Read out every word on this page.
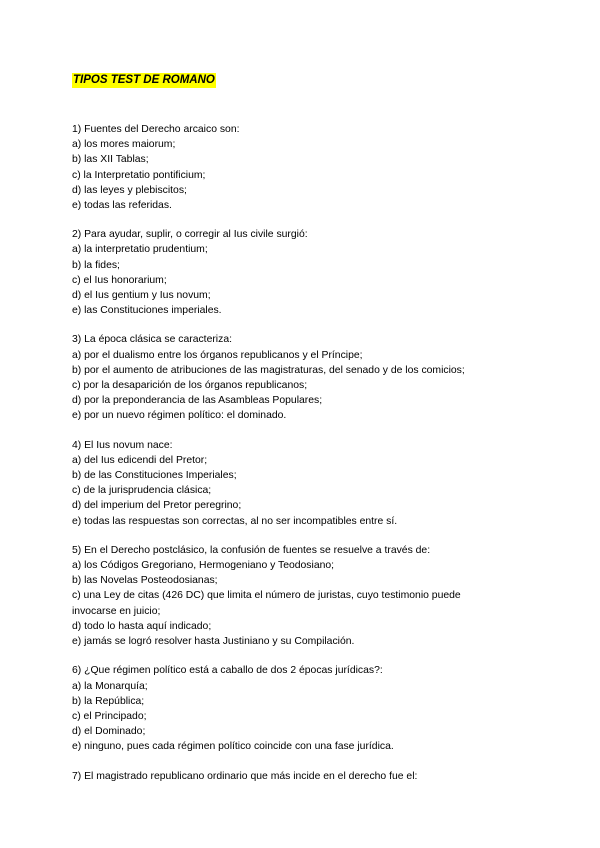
TIPOS TEST DE ROMANO
1) Fuentes del Derecho arcaico son:
a) los mores maiorum;
b) las XII Tablas;
c) la Interpretatio pontificium;
d) las leyes y plebiscitos;
e) todas las referidas.
2) Para ayudar, suplir, o corregir al Ius civile surgió:
a) la interpretatio prudentium;
b) la fides;
c) el Ius honorarium;
d) el Ius gentium y Ius novum;
e) las Constituciones imperiales.
3) La época clásica se caracteriza:
a) por el dualismo entre los órganos republicanos y el Príncipe;
b) por el aumento de atribuciones de las magistraturas, del senado y de los comicios;
c) por la desaparición de los órganos republicanos;
d) por la preponderancia de las Asambleas Populares;
e) por un nuevo régimen político: el dominado.
4) El Ius novum nace:
a) del Ius edicendi del Pretor;
b) de las Constituciones Imperiales;
c) de la jurisprudencia clásica;
d) del imperium del Pretor peregrino;
e) todas las respuestas son correctas, al no ser incompatibles entre sí.
5) En el Derecho postclásico, la confusión de fuentes se resuelve a través de:
a) los Códigos Gregoriano, Hermogeniano y Teodosiano;
b) las Novelas Posteodosianas;
c) una Ley de citas (426 DC) que limita el número de juristas, cuyo testimonio puede invocarse en juicio;
d) todo lo hasta aquí indicado;
e) jamás se logró resolver hasta Justiniano y su Compilación.
6) ¿Que régimen político está a caballo de dos 2 épocas jurídicas?:
a) la Monarquía;
b) la República;
c) el Principado;
d) el Dominado;
e) ninguno, pues cada régimen político coincide con una fase jurídica.
7) El magistrado republicano ordinario que más incide en el derecho fue el:
